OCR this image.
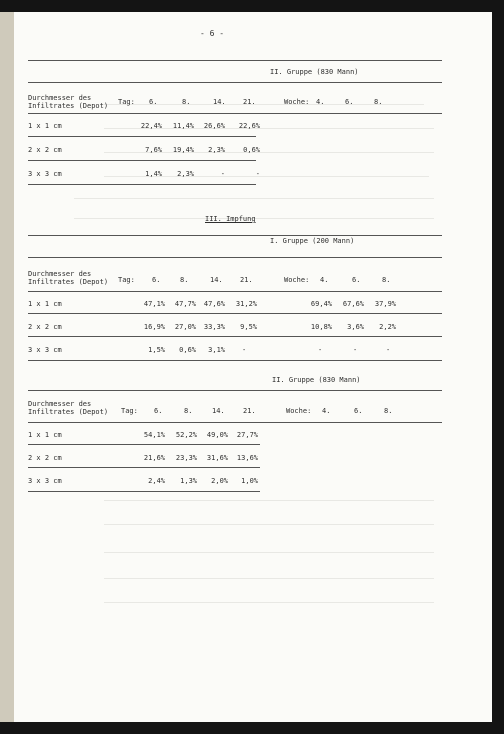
- 6 -
II. Gruppe (830 Mann)
Durchmesser des
Infiltrates (Depot) Tag: 6.	8.	14. 21.	Woche: 4.	6.	8.
1 x 1 cm	22,4%	11,4%	26,6%	22,6%
2 x 2 cm	7,6%	19,4%	2,3%	0,6%
3 x 3 cm	1,4%	2,3%	-	-
III. Impfung
I. Gruppe (200 Mann)
Durchmesser des
Infiltrates (Depot) Tag: 6.	8.	14. 21.	Woche: 4.	6.	8.
1 x 1 cm	47,1%	47,7%	47,6%	31,2%	69,4%	67,6%	37,9%
2 x 2 cm	16,9%	27,0%	33,3%	9,5%	10,8%	3,6%	2,2%
3 x 3 cm	1,5%	0,6%	3,1% -	-	-	-
II. Gruppe (830 Mann)
Durchmesser des
Infiltrates (Depot) Tag: 6.	8.	14.	21.	Woche: 4.	6.	8.
1 x 1 cm	54,1%	52,2%	49,0%	27,7%
2 x 2 cm	21,6%	23,3%	31,6%	13,6%
3 x 3 cm	2,4%	1,3%	2,0%	1,0%
